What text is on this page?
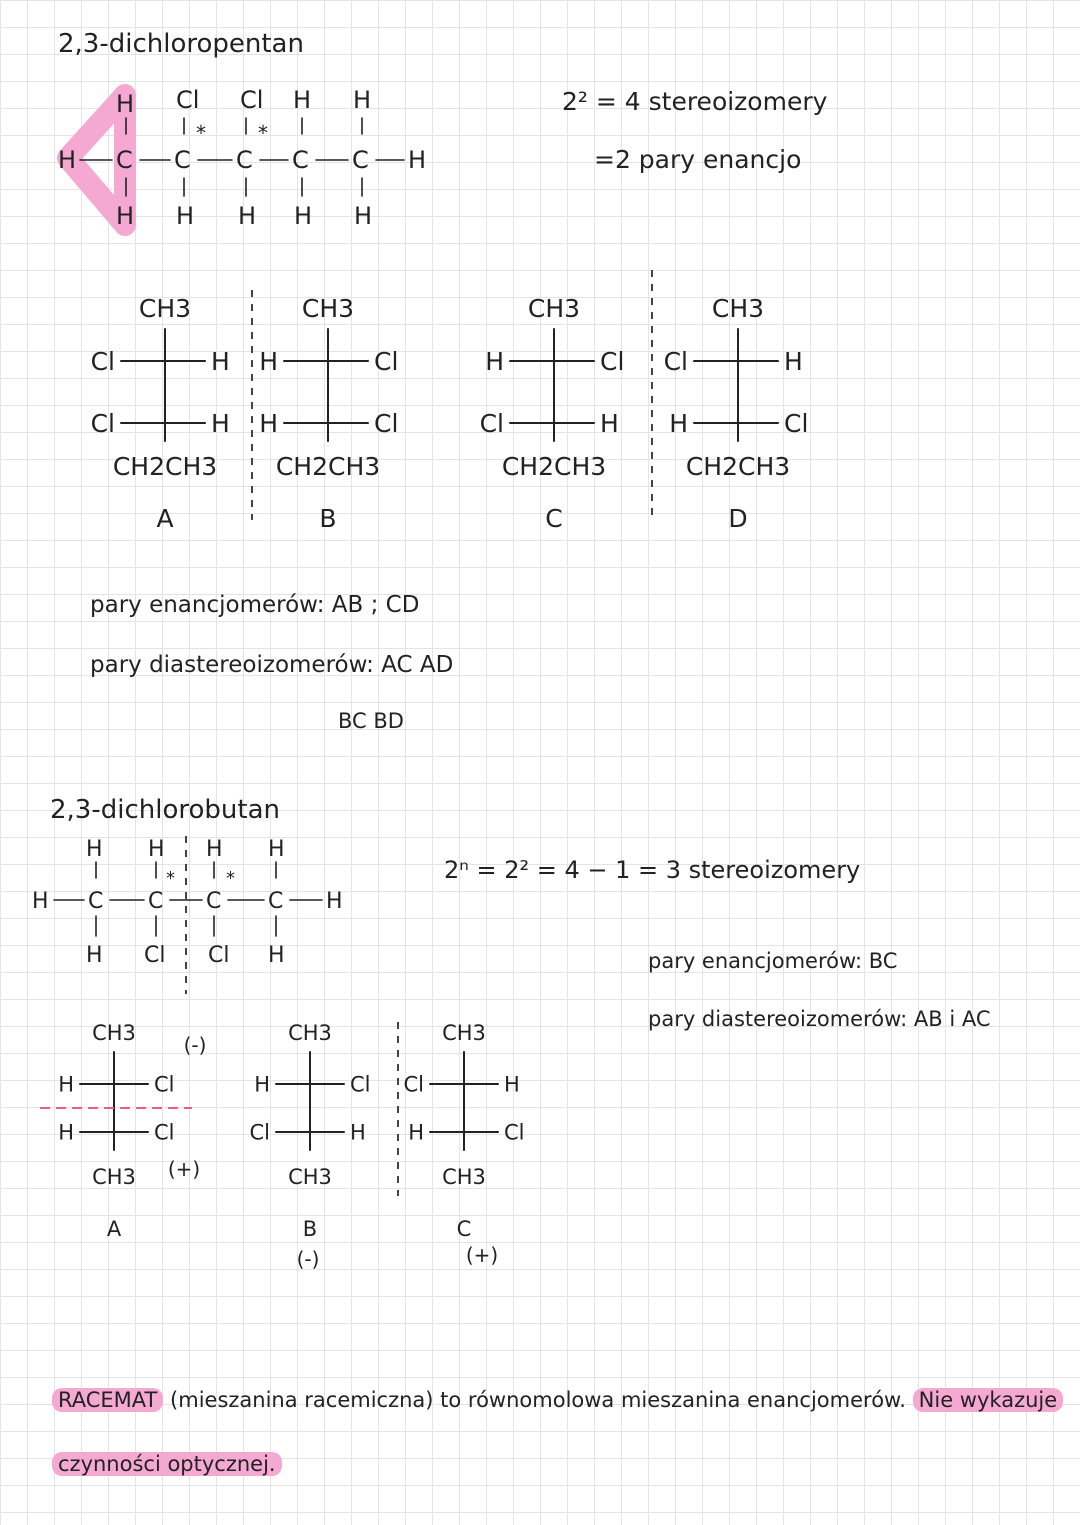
2,3-dichloropentan
H Cl Cl H H
*	*
H C C C C C H
H H H H H
2² = 4 stereoizomery
=2 pary enancjo
CH3
Cl	H
Cl	H
CH2CH3
A
CH3
H	Cl
H	Cl
CH2CH3
B
CH3
H	Cl
Cl	H
CH2CH3
C
CH3
Cl	H
H	Cl
CH2CH3
D
pary enancjomerów: AB ; CD
pary diastereoizomerów: AC AD
BC BD
2,3-dichlorobutan
H H H H
*	*
H C C C C H
H Cl Cl H
2ⁿ = 2² = 4 − 1 = 3 stereoizomery
pary enancjomerów: BC
pary diastereoizomerów: AB i AC
CH3
H	Cl
H	Cl
CH3
A
CH3
H	Cl
Cl	H
CH3
B
CH3
Cl	H
H	Cl
CH3
C
(-)
(+)
(-)	(+)
RACEMAT (mieszanina racemiczna) to równomolowa mieszanina enancjomerów. Nie wykazuje
czynności optycznej.
